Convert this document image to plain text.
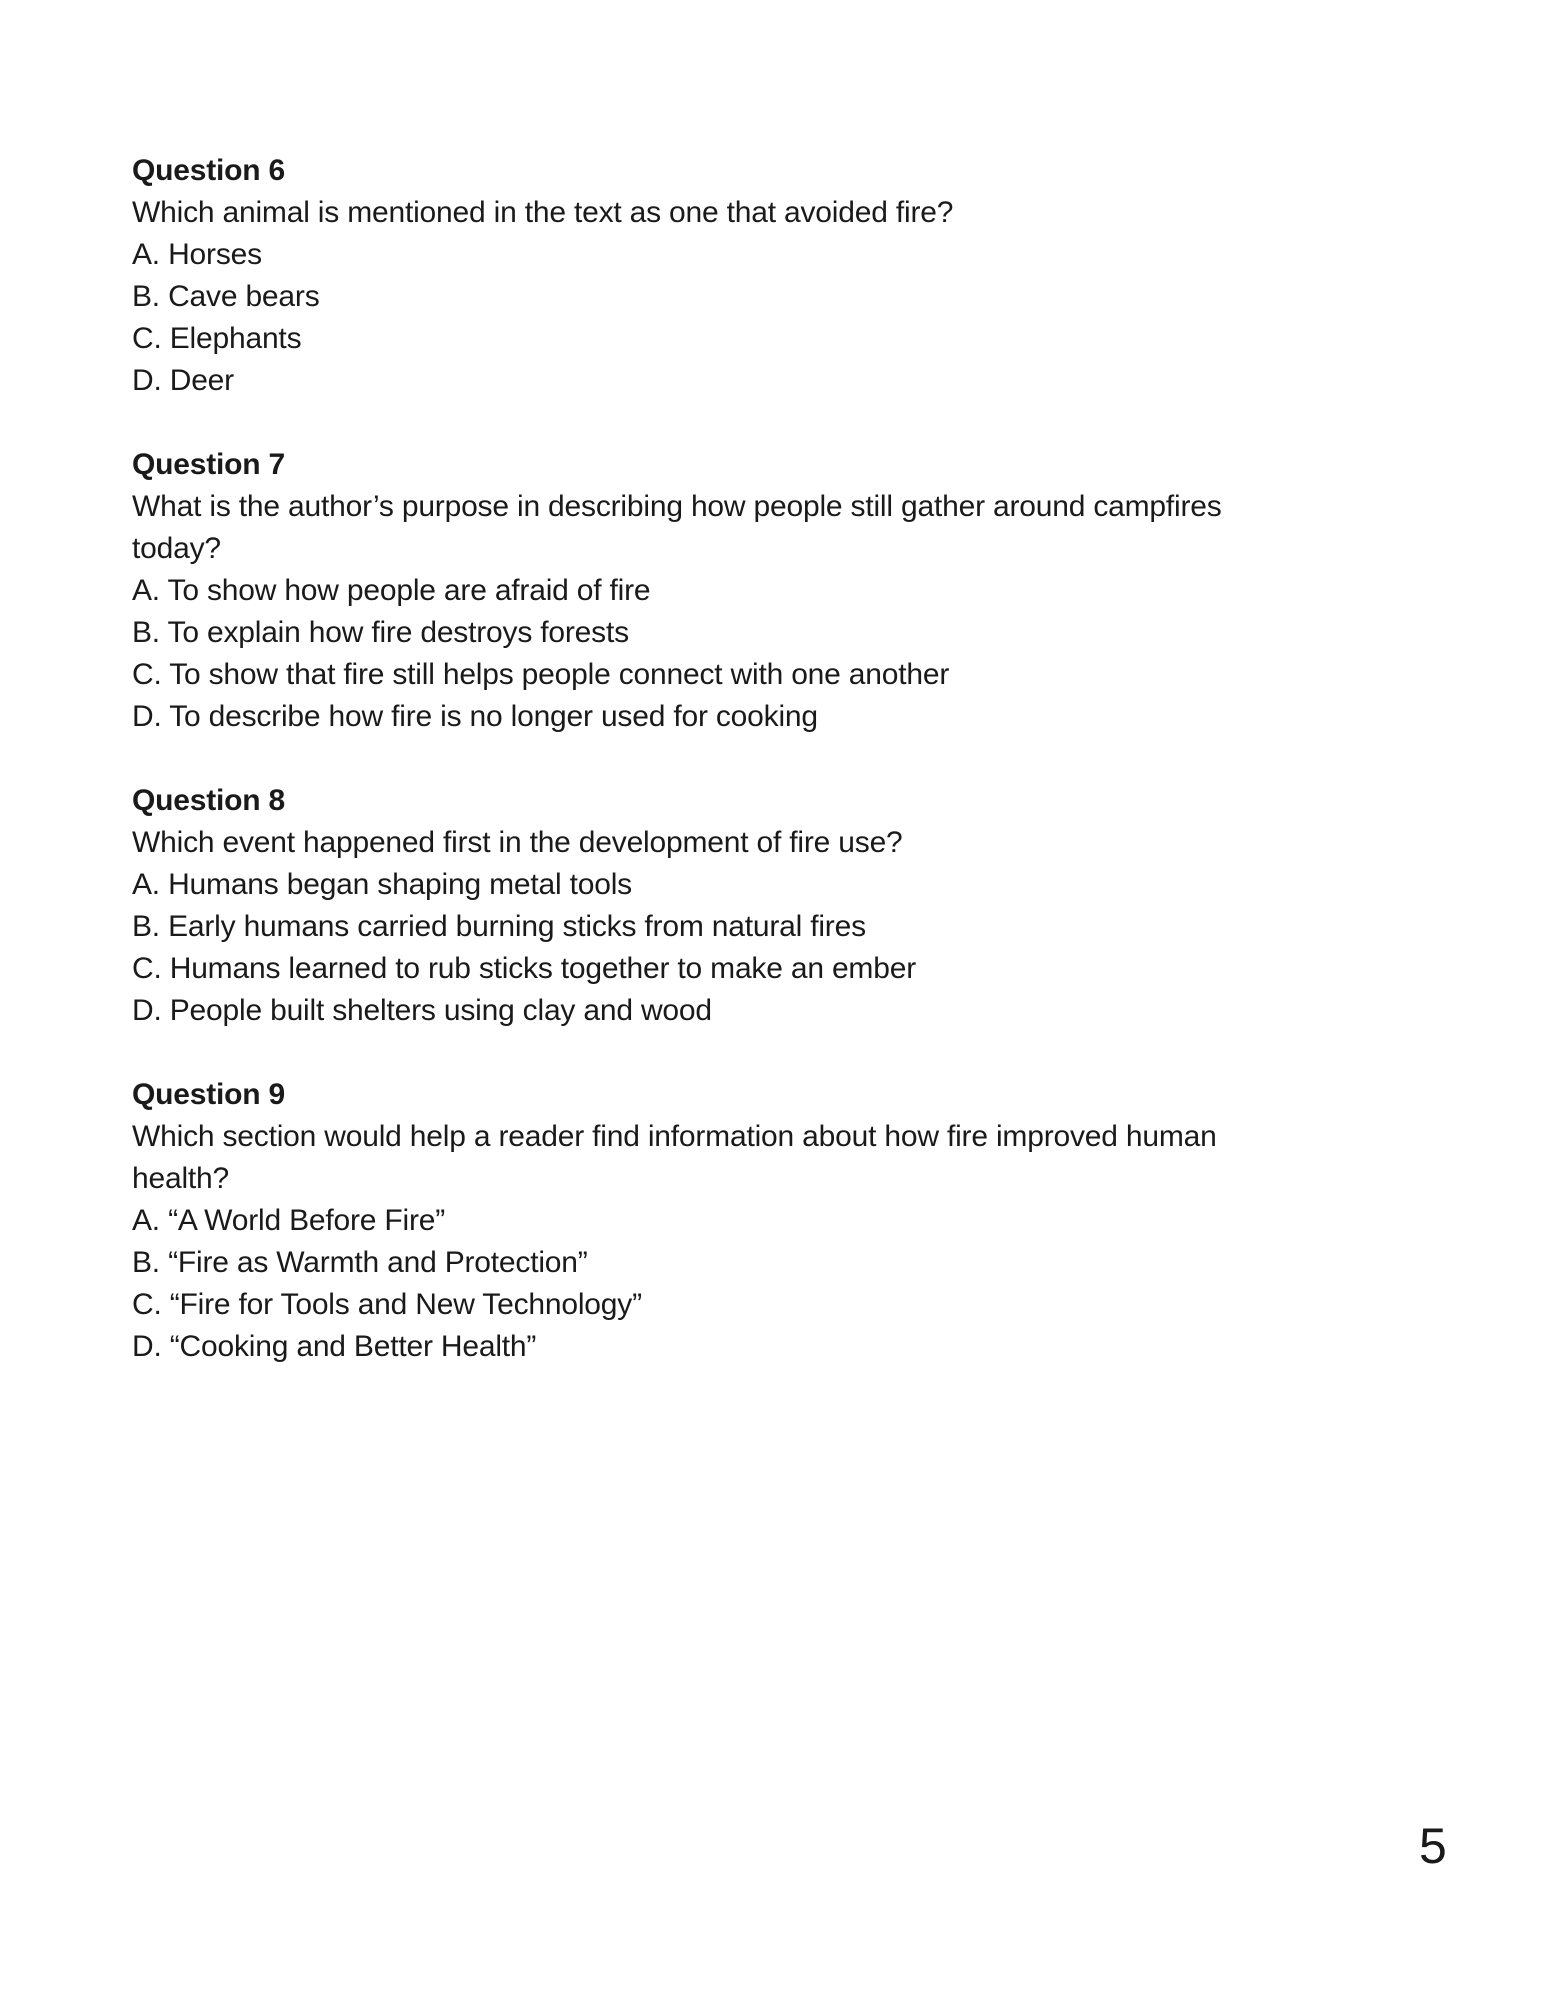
Question 6

Which animal is mentioned in the text as one that avoided fire?

A. Horses

B. Cave bears

C. Elephants

D. Deer

Question 7

What is the author’s purpose in describing how people still gather around campfires

today?

A. To show how people are afraid of fire

B. To explain how fire destroys forests

C. To show that fire still helps people connect with one another

D. To describe how fire is no longer used for cooking

Question 8

Which event happened first in the development of fire use?

A. Humans began shaping metal tools

B. Early humans carried burning sticks from natural fires

C. Humans learned to rub sticks together to make an ember

D. People built shelters using clay and wood

Question 9

Which section would help a reader find information about how fire improved human

health?

A. “A World Before Fire”

B. “Fire as Warmth and Protection”

C. “Fire for Tools and New Technology”

D. “Cooking and Better Health”

5
